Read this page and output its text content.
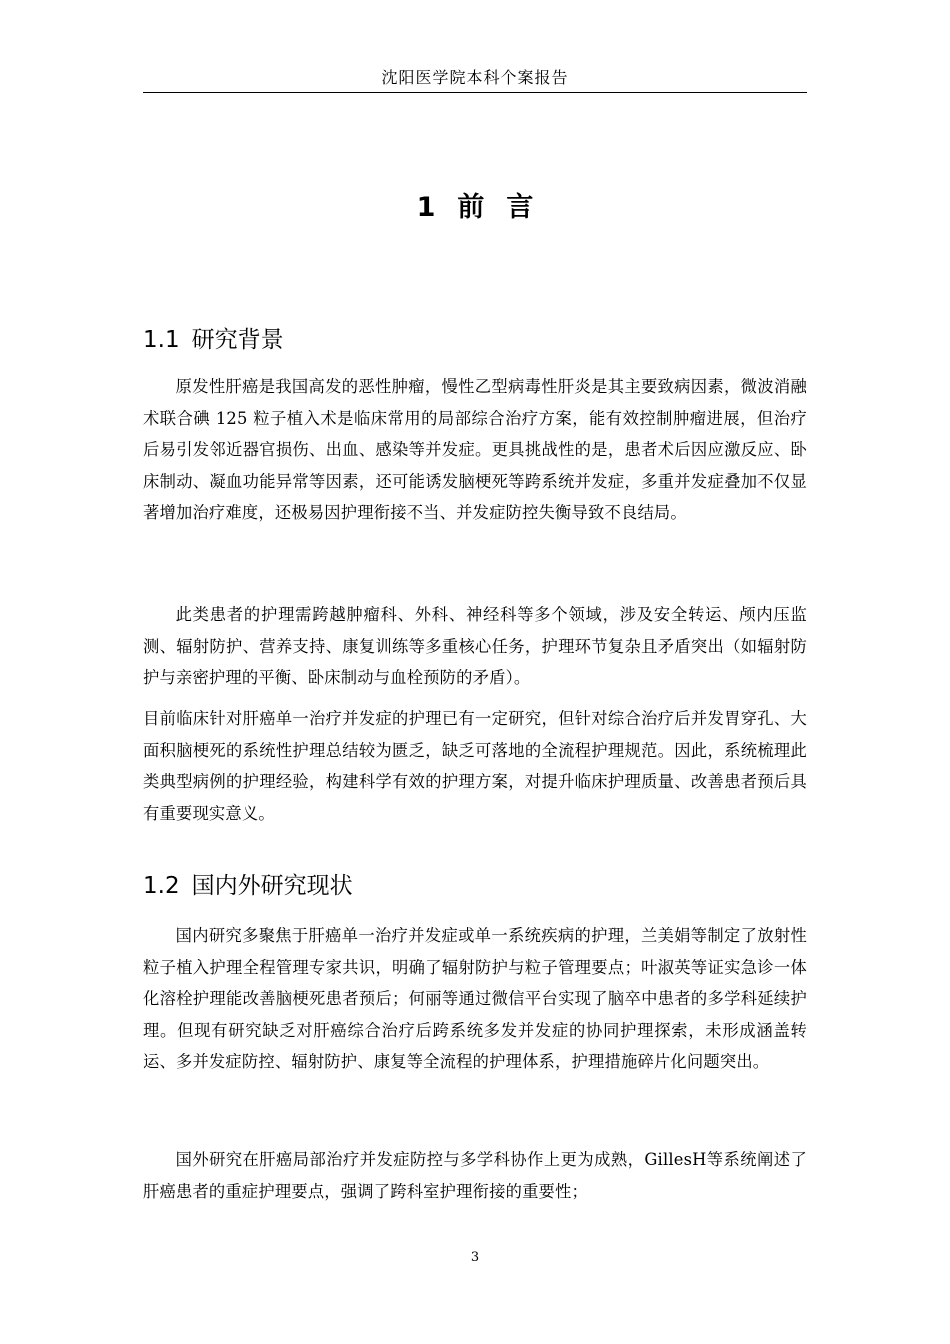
沈阳医学院本科个案报告
1 前 言
1.1 研究背景

原发性肝癌是我国高发的恶性肿瘤，慢性乙型病毒性肝炎是其主要致病因素，微波消融术联合碘 125 粒子植入术是临床常用的局部综合治疗方案，能有效控制肿瘤进展，但治疗后易引发邻近器官损伤、出血、感染等并发症。更具挑战性的是，患者术后因应激反应、卧床制动、凝血功能异常等因素，还可能诱发脑梗死等跨系统并发症，多重并发症叠加不仅显著增加治疗难度，还极易因护理衔接不当、并发症防控失衡导致不良结局。

此类患者的护理需跨越肿瘤科、外科、神经科等多个领域，涉及安全转运、颅内压监测、辐射防护、营养支持、康复训练等多重核心任务，护理环节复杂且矛盾突出（如辐射防护与亲密护理的平衡、卧床制动与血栓预防的矛盾）。

目前临床针对肝癌单一治疗并发症的护理已有一定研究，但针对综合治疗后并发胃穿孔、大面积脑梗死的系统性护理总结较为匮乏，缺乏可落地的全流程护理规范。因此，系统梳理此类典型病例的护理经验，构建科学有效的护理方案，对提升临床护理质量、改善患者预后具有重要现实意义。

1.2 国内外研究现状

国内研究多聚焦于肝癌单一治疗并发症或单一系统疾病的护理，兰美娟等制定了放射性粒子植入护理全程管理专家共识，明确了辐射防护与粒子管理要点；叶淑英等证实急诊一体化溶栓护理能改善脑梗死患者预后；何丽等通过微信平台实现了脑卒中患者的多学科延续护理。但现有研究缺乏对肝癌综合治疗后跨系统多发并发症的协同护理探索，未形成涵盖转运、多并发症防控、辐射防护、康复等全流程的护理体系，护理措施碎片化问题突出。

国外研究在肝癌局部治疗并发症防控与多学科协作上更为成熟，GillesH等系统阐述了肝癌患者的重症护理要点，强调了跨科室护理衔接的重要性；

3
